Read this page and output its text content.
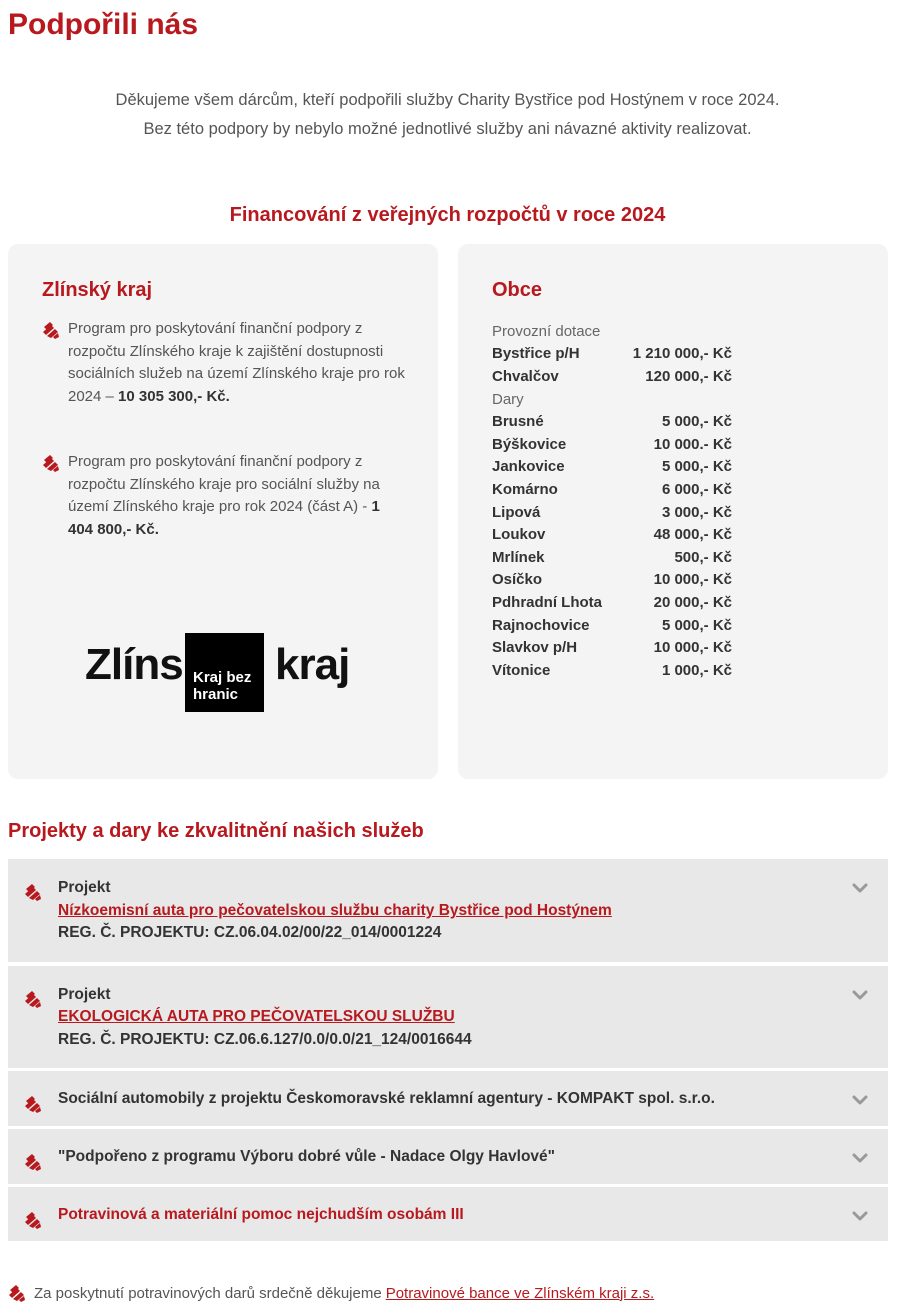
Podpořili nás
Děkujeme všem dárcům, kteří podpořili služby Charity Bystřice pod Hostýnem v roce 2024.
Bez této podpory by nebylo možné jednotlivé služby ani návazné aktivity realizovat.
Financování z veřejných rozpočtů v roce 2024
Zlínský kraj
Program pro poskytování finanční podpory z rozpočtu Zlínského kraje k zajištění dostupnosti sociálních služeb na území Zlínského kraje pro rok 2024 – 10 305 300,- Kč.
Program pro poskytování finanční podpory z rozpočtu Zlínského kraje pro sociální služby na území Zlínského kraje pro rok 2024 (část A) - 1 404 800,- Kč.
Zlíns Kraj bez hranic
kraj
Obce
Provozní dotace
Bystřice p/H	1 210 000,- Kč
Chvalčov	120 000,- Kč
Dary
Brusné	5 000,- Kč
Býškovice	10 000.- Kč
Jankovice	5 000,- Kč
Komárno	6 000,- Kč
Lipová	3 000,- Kč
Loukov	48 000,- Kč
Mrlínek	500,- Kč
Osíčko	10 000,- Kč
Pdhradní Lhota	20 000,- Kč
Rajnochovice	5 000,- Kč
Slavkov p/H	10 000,- Kč
Vítonice	1 000,- Kč
Projekty a dary ke zkvalitnění našich služeb
Projekt
Nízkoemisní auta pro pečovatelskou službu charity Bystřice pod Hostýnem
REG. Č. PROJEKTU: CZ.06.04.02/00/22_014/0001224
Projekt
EKOLOGICKÁ AUTA PRO PEČOVATELSKOU SLUŽBU
REG. Č. PROJEKTU: CZ.06.6.127/0.0/0.0/21_124/0016644
Sociální automobily z projektu Českomoravské reklamní agentury - KOMPAKT spol. s.r.o.
"Podpořeno z programu Výboru dobré vůle - Nadace Olgy Havlové"
Potravinová a materiální pomoc nejchudším osobám III
Za poskytnutí potravinových darů srdečně děkujeme Potravinové bance ve Zlínském kraji z.s.
